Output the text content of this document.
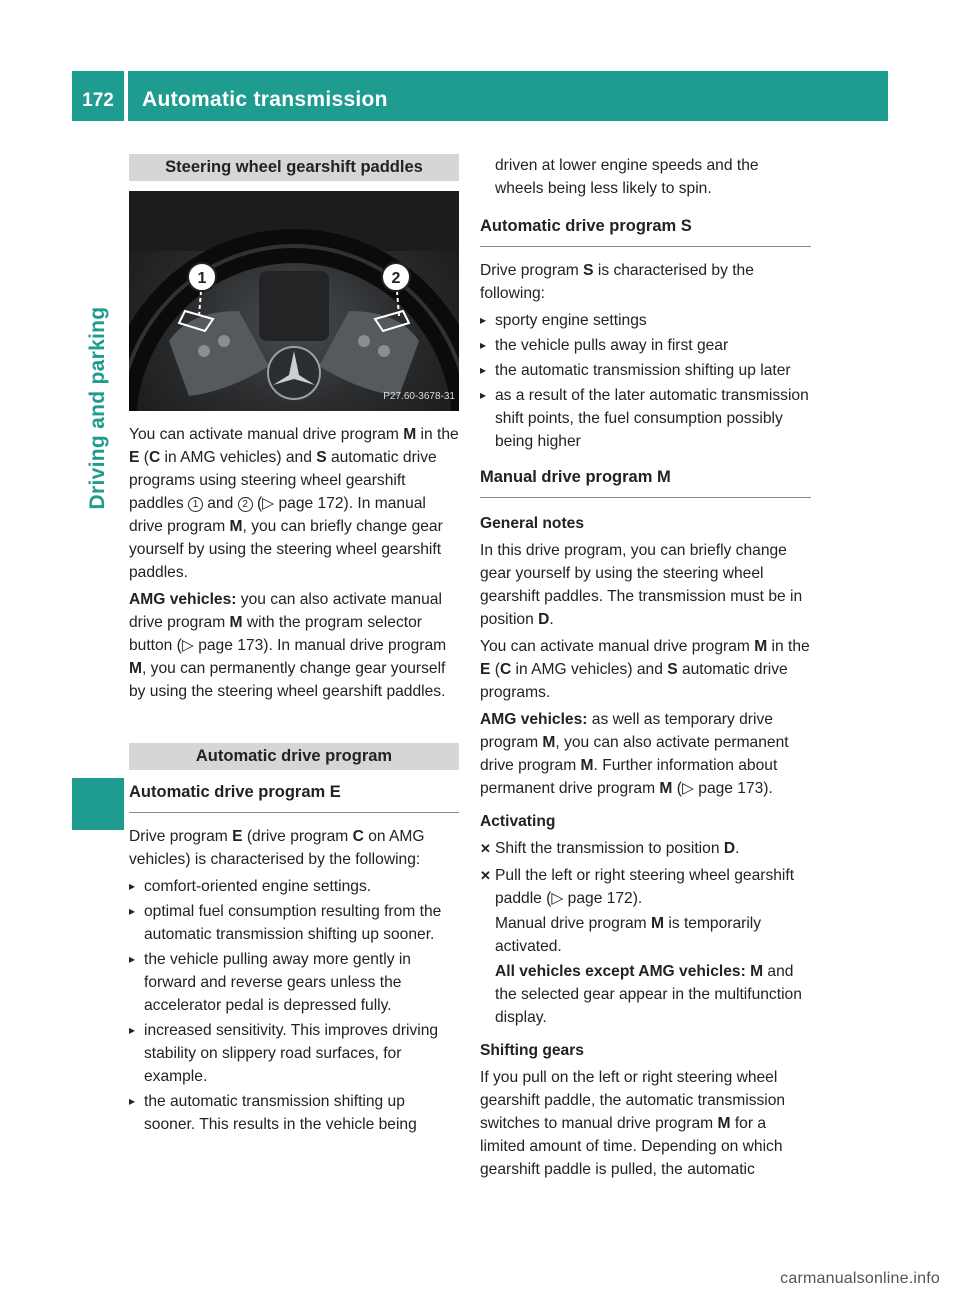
172	Automatic transmission
Driving and parking
Steering wheel gearshift paddles
1	2
P27.60-3678-31

You can activate manual drive program M in the E (C in AMG vehicles) and S automatic drive programs using steering wheel gearshift paddles 1 and 2 (▷ page 172). In manual drive program M, you can briefly change gear yourself by using the steering wheel gearshift paddles.

AMG vehicles: you can also activate manual drive program M with the program selector button (▷ page 173). In manual drive program M, you can permanently change gear yourself by using the steering wheel gearshift paddles.

Automatic drive program
Automatic drive program E

Drive program E (drive program C on AMG vehicles) is characterised by the following:

▸ comfort-oriented engine settings.
▸ optimal fuel consumption resulting from the automatic transmission shifting up sooner.
▸ the vehicle pulling away more gently in forward and reverse gears unless the accelerator pedal is depressed fully.
▸ increased sensitivity. This improves driving stability on slippery road surfaces, for example.
▸ the automatic transmission shifting up sooner. This results in the vehicle being

driven at lower engine speeds and the wheels being less likely to spin.

Automatic drive program S

Drive program S is characterised by the following:

▸ sporty engine settings
▸ the vehicle pulls away in first gear
▸ the automatic transmission shifting up later
▸ as a result of the later automatic transmission shift points, the fuel consumption possibly being higher
Manual drive program M

General notes

In this drive program, you can briefly change gear yourself by using the steering wheel gearshift paddles. The transmission must be in position D.

You can activate manual drive program M in the E (C in AMG vehicles) and S automatic drive programs.

AMG vehicles: as well as temporary drive program M, you can also activate permanent drive program M. Further information about permanent drive program M (▷ page 173).

Activating

✕ Shift the transmission to position D.
✕ Pull the left or right steering wheel gearshift paddle (▷ page 172).
Manual drive program M is temporarily activated.
All vehicles except AMG vehicles: M and the selected gear appear in the multifunction display.

Shifting gears

If you pull on the left or right steering wheel gearshift paddle, the automatic transmission switches to manual drive program M for a limited amount of time. Depending on which gearshift paddle is pulled, the automatic

carmanualsonline.info
